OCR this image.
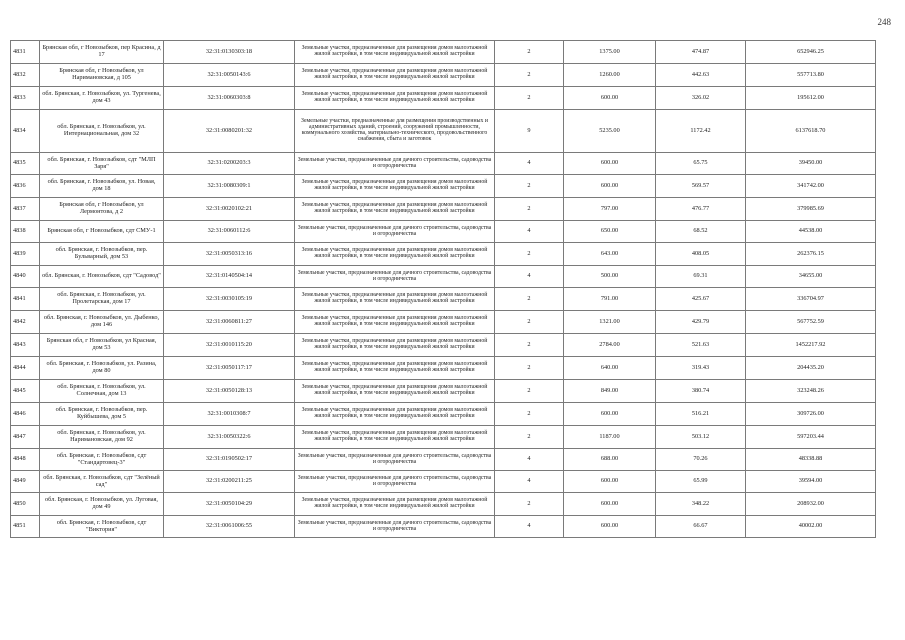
248
4831	Брянская обл, г Новозыбков, пер Красина, д 17	32:31:0130303:18	Земельные участки, предназначенные для размещения домов малоэтажной жилой застройки, в том числе индивидуальной жилой застройки	2	1375.00	474.87	652946.25
4832	Брянская обл, г Новозыбков, ул Наримановская, д 105	32:31:0050143:6	Земельные участки, предназначенные для размещения домов малоэтажной жилой застройки, в том числе индивидуальной жилой застройки	2	1260.00	442.63	557713.80
4833	обл. Брянская, г. Новозыбков, ул. Тургенева, дом 43	32:31:0060303:8	Земельные участки, предназначенные для размещения домов малоэтажной жилой застройки, в том числе индивидуальной жилой застройки	2	600.00	326.02	195612.00
4834	обл. Брянская, г. Новозыбков, ул. Интернациональная, дом 32	32:31:0080201:32	Земельные участки, предназначенные для размещения производственных и административных зданий, строений, сооружений промышленности, коммунального хозяйства, материально-технического, продовольственного снабжения, сбыта и заготовок	9	5235.00	1172.42	6137618.70
4835	обл. Брянская, г. Новозыбков, сдт "МЛП Заря"	32:31:0200203:3	Земельные участки, предназначенные для дачного строительства, садоводства и огородничества	4	600.00	65.75	39450.00
4836	обл. Брянская, г. Новозыбков, ул. Новая, дом 18	32:31:0080309:1	Земельные участки, предназначенные для размещения домов малоэтажной жилой застройки, в том числе индивидуальной жилой застройки	2	600.00	569.57	341742.00
4837	Брянская обл, г Новозыбков, ул Лермонтова, д 2	32:31:0020102:21	Земельные участки, предназначенные для размещения домов малоэтажной жилой застройки, в том числе индивидуальной жилой застройки	2	797.00	476.77	379985.69
4838	Брянская обл, г Новозыбков, сдт СМУ-1	32:31:0060112:6	Земельные участки, предназначенные для дачного строительства, садоводства и огородничества	4	650.00	68.52	44538.00
4839	обл. Брянская, г. Новозыбков, пер. Бульварный, дом 53	32:31:0050313:16	Земельные участки, предназначенные для размещения домов малоэтажной жилой застройки, в том числе индивидуальной жилой застройки	2	643.00	408.05	262376.15
4840	обл. Брянская, г. Новозыбков, сдт "Садовод"	32:31:0140504:14	Земельные участки, предназначенные для дачного строительства, садоводства и огородничества	4	500.00	69.31	34655.00
4841	обл. Брянская, г. Новозыбков, ул. Пролетарская, дом 17	32:31:0030105:19	Земельные участки, предназначенные для размещения домов малоэтажной жилой застройки, в том числе индивидуальной жилой застройки	2	791.00	425.67	336704.97
4842	обл. Брянская, г. Новозыбков, ул. Дыбенко, дом 146	32:31:0060811:27	Земельные участки, предназначенные для размещения домов малоэтажной жилой застройки, в том числе индивидуальной жилой застройки	2	1321.00	429.79	567752.59
4843	Брянская обл, г Новозыбков, ул Красная, дом 53	32:31:0010115:20	Земельные участки, предназначенные для размещения домов малоэтажной жилой застройки, в том числе индивидуальной жилой застройки	2	2784.00	521.63	1452217.92
4844	обл. Брянская, г. Новозыбков, ул. Разина, дом 80	32:31:0050117:17	Земельные участки, предназначенные для размещения домов малоэтажной жилой застройки, в том числе индивидуальной жилой застройки	2	640.00	319.43	204435.20
4845	обл. Брянская, г. Новозыбков, ул. Солнечная, дом 13	32:31:0050128:13	Земельные участки, предназначенные для размещения домов малоэтажной жилой застройки, в том числе индивидуальной жилой застройки	2	849.00	380.74	323248.26
4846	обл. Брянская, г. Новозыбков, пер. Куйбышева, дом 5	32:31:0010308:7	Земельные участки, предназначенные для размещения домов малоэтажной жилой застройки, в том числе индивидуальной жилой застройки	2	600.00	516.21	309726.00
4847	обл. Брянская, г. Новозыбков, ул. Наримановская, дом 92	32:31:0050322:6	Земельные участки, предназначенные для размещения домов малоэтажной жилой застройки, в том числе индивидуальной жилой застройки	2	1187.00	503.12	597203.44
4848	обл. Брянская, г. Новозыбков, сдт "Стандартовец-3"	32:31:0190502:17	Земельные участки, предназначенные для дачного строительства, садоводства и огородничества	4	688.00	70.26	48338.88
4849	обл. Брянская, г. Новозыбков, сдт "Зелёный сад"	32:31:0200211:25	Земельные участки, предназначенные для дачного строительства, садоводства и огородничества	4	600.00	65.99	39594.00
4850	обл. Брянская, г. Новозыбков, ул. Луговая, дом 49	32:31:0050104:29	Земельные участки, предназначенные для размещения домов малоэтажной жилой застройки, в том числе индивидуальной жилой застройки	2	600.00	348.22	208932.00
4851	обл. Брянская, г. Новозыбков, сдт "Виктория"	32:31:0061006:55	Земельные участки, предназначенные для дачного строительства, садоводства и огородничества	4	600.00	66.67	40002.00
